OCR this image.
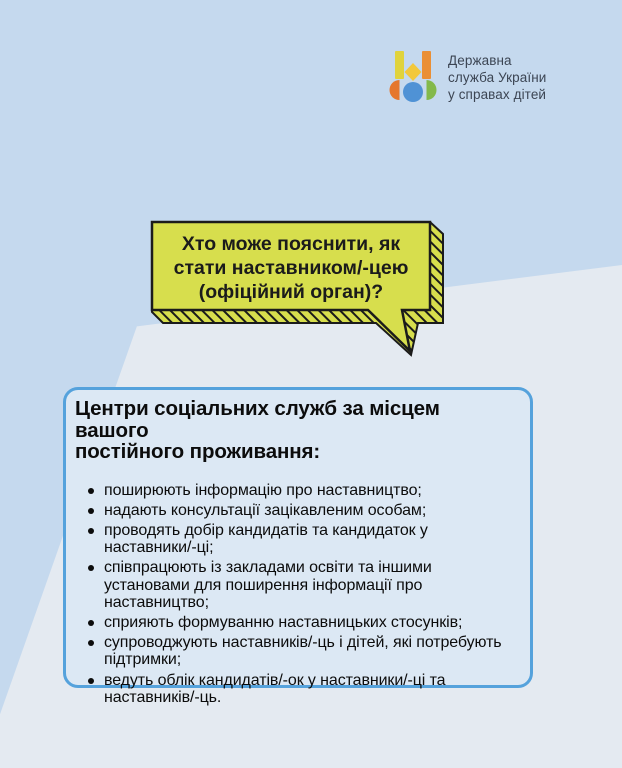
Державна
служба України
у справах дітей
Хто може пояснити, як
стати наставником/-цею
(офіційний орган)?
Центри соціальних служб за місцем вашого
постійного проживання:
поширюють інформацію про наставництво;
надають консультації зацікавленим особам;
проводять добір кандидатів та кандидаток у наставники/-ці;
співпрацюють із закладами освіти та іншими установами для поширення інформації про наставництво;
сприяють формуванню наставницьких стосунків;
супроводжують наставників/-ць і дітей, які потребують підтримки;
ведуть облік кандидатів/-ок у наставники/-ці та наставників/-ць.
